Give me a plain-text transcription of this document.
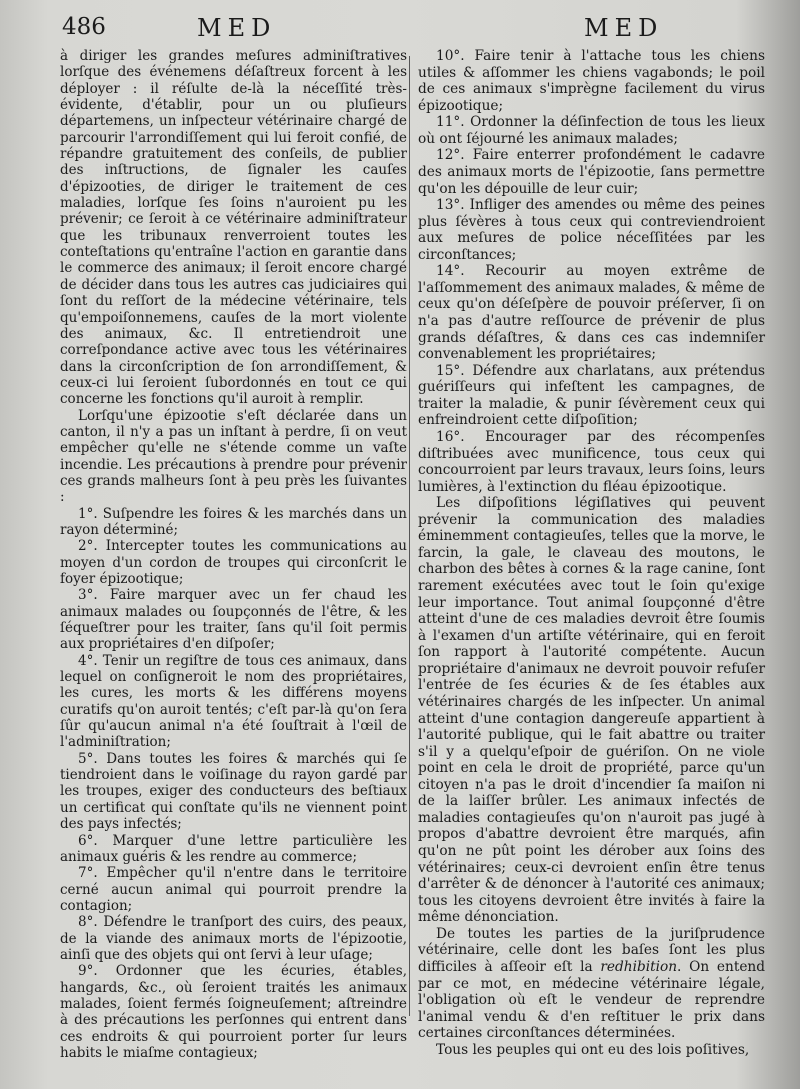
486	MED	MED

à diriger les grandes meſures adminiſtratives lorſque des événemens déſaſtreux forcent à les déployer : il réſulte de-là la néceſſité très-évidente, d'établir, pour un ou pluſieurs départemens, un inſpecteur vétérinaire chargé de parcourir l'arrondiſſement qui lui feroit confié, de répandre gratuitement des conſeils, de publier des inſtructions, de ſignaler les cauſes d'épizooties, de diriger le traitement de ces maladies, lorſque ſes ſoins n'auroient pu les prévenir; ce ſeroit à ce vétérinaire adminiſtrateur que les tribunaux renverroient toutes les conteſtations qu'entraîne l'action en garantie dans le commerce des animaux; il ſeroit encore chargé de décider dans tous les autres cas judiciaires qui ſont du reſſort de la médecine vétérinaire, tels qu'empoiſonnemens, cauſes de la mort violente des animaux, &c. Il entretiendroit une correſpondance active avec tous les vétérinaires dans la circonſcription de ſon arrondiſſement, & ceux-ci lui ſeroient ſubordonnés en tout ce qui concerne les fonctions qu'il auroit à remplir.

Lorſqu'une épizootie s'eſt déclarée dans un canton, il n'y a pas un inſtant à perdre, ſi on veut empêcher qu'elle ne s'étende comme un vaſte incendie. Les précautions à prendre pour prévenir ces grands malheurs ſont à peu près les ſuivantes :

1°. Suſpendre les foires & les marchés dans un rayon déterminé;

2°. Intercepter toutes les communications au moyen d'un cordon de troupes qui circonſcrit le foyer épizootique;

3°. Faire marquer avec un fer chaud les animaux malades ou ſoupçonnés de l'être, & les ſéqueſtrer pour les traiter, ſans qu'il ſoit permis aux propriétaires d'en diſpoſer;

4°. Tenir un regiſtre de tous ces animaux, dans lequel on conſigneroit le nom des propriétaires, les cures, les morts & les différens moyens curatifs qu'on auroit tentés; c'eſt par-là qu'on ſera ſûr qu'aucun animal n'a été ſouſtrait à l'œil de l'adminiſtration;

5°. Dans toutes les foires & marchés qui ſe tiendroient dans le voiſinage du rayon gardé par les troupes, exiger des conducteurs des beſtiaux un certificat qui conſtate qu'ils ne viennent point des pays infectés;

6°. Marquer d'une lettre particulière les animaux guéris & les rendre au commerce;

7°. Empêcher qu'il n'entre dans le territoire cerné aucun animal qui pourroit prendre la contagion;

8°. Défendre le tranſport des cuirs, des peaux, de la viande des animaux morts de l'épizootie, ainſi que des objets qui ont ſervi à leur uſage;

9°. Ordonner que les écuries, étables, hangards, &c., où ſeroient traités les animaux malades, ſoient fermés ſoigneuſement; aſtreindre à des précautions les perſonnes qui entrent dans ces endroits & qui pourroient porter ſur leurs habits le miaſme contagieux;

10°. Faire tenir à l'attache tous les chiens utiles & aſſommer les chiens vagabonds; le poil de ces animaux s'imprègne facilement du virus épizootique;

11°. Ordonner la déſinfection de tous les lieux où ont ſéjourné les animaux malades;

12°. Faire enterrer profondément le cadavre des animaux morts de l'épizootie, ſans permettre qu'on les dépouille de leur cuir;

13°. Infliger des amendes ou même des peines plus ſévères à tous ceux qui contreviendroient aux meſures de police néceſſitées par les circonſtances;

14°. Recourir au moyen extrême de l'aſſommement des animaux malades, & même de ceux qu'on déſeſpère de pouvoir préſerver, ſi on n'a pas d'autre reſſource de prévenir de plus grands déſaſtres, & dans ces cas indemniſer convenablement les propriétaires;

15°. Défendre aux charlatans, aux prétendus guériſſeurs qui infeſtent les campagnes, de traiter la maladie, & punir ſévèrement ceux qui enfreindroient cette diſpoſition;

16°. Encourager par des récompenſes diſtribuées avec munificence, tous ceux qui concourroient par leurs travaux, leurs ſoins, leurs lumières, à l'extinction du fléau épizootique.

Les diſpoſitions légiſlatives qui peuvent prévenir la communication des maladies éminemment contagieuſes, telles que la morve, le farcin, la gale, le claveau des moutons, le charbon des bêtes à cornes & la rage canine, ſont rarement exécutées avec tout le ſoin qu'exige leur importance. Tout animal ſoupçonné d'être atteint d'une de ces maladies devroit être ſoumis à l'examen d'un artiſte vétérinaire, qui en feroit ſon rapport à l'autorité compétente. Aucun propriétaire d'animaux ne devroit pouvoir refuſer l'entrée de ſes écuries & de ſes étables aux vétérinaires chargés de les inſpecter. Un animal atteint d'une contagion dangereuſe appartient à l'autorité publique, qui le fait abattre ou traiter s'il y a quelqu'eſpoir de guériſon. On ne viole point en cela le droit de propriété, parce qu'un citoyen n'a pas le droit d'incendier ſa maiſon ni de la laiſſer brûler. Les animaux infectés de maladies contagieuſes qu'on n'auroit pas jugé à propos d'abattre devroient être marqués, afin qu'on ne pût point les dérober aux ſoins des vétérinaires; ceux-ci devroient enſin être tenus d'arrêter & de dénoncer à l'autorité ces animaux; tous les citoyens devroient être invités à faire la même dénonciation.

De toutes les parties de la juriſprudence vétérinaire, celle dont les baſes ſont les plus difficiles à aſſeoir eſt la redhibition. On entend par ce mot, en médecine vétérinaire légale, l'obligation où eſt le vendeur de reprendre l'animal vendu & d'en reſtituer le prix dans certaines circonſtances déterminées.

Tous les peuples qui ont eu des lois poſitives,
